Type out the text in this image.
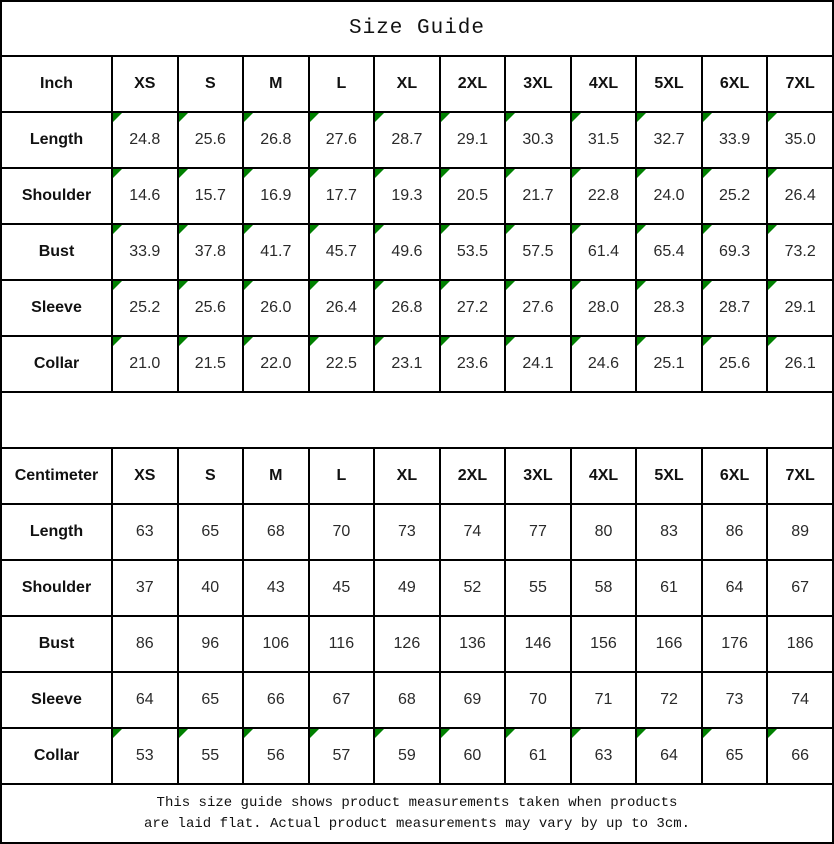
Size Guide											
Inch	XS	S	M	L	XL	2XL	3XL	4XL	5XL	6XL	7XL
Length	24.8	25.6	26.8	27.6	28.7	29.1	30.3	31.5	32.7	33.9	35.0
Shoulder	14.6	15.7	16.9	17.7	19.3	20.5	21.7	22.8	24.0	25.2	26.4
Bust	33.9	37.8	41.7	45.7	49.6	53.5	57.5	61.4	65.4	69.3	73.2
Sleeve	25.2	25.6	26.0	26.4	26.8	27.2	27.6	28.0	28.3	28.7	29.1
Collar	21.0	21.5	22.0	22.5	23.1	23.6	24.1	24.6	25.1	25.6	26.1

Centimeter	XS	S	M	L	XL	2XL	3XL	4XL	5XL	6XL	7XL
Length	63	65	68	70	73	74	77	80	83	86	89
Shoulder	37	40	43	45	49	52	55	58	61	64	67
Bust	86	96	106	116	126	136	146	156	166	176	186
Sleeve	64	65	66	67	68	69	70	71	72	73	74
Collar	53	55	56	57	59	60	61	63	64	65	66

This size guide shows product measurements taken when products
are laid flat. Actual product measurements may vary by up to 3cm.											
